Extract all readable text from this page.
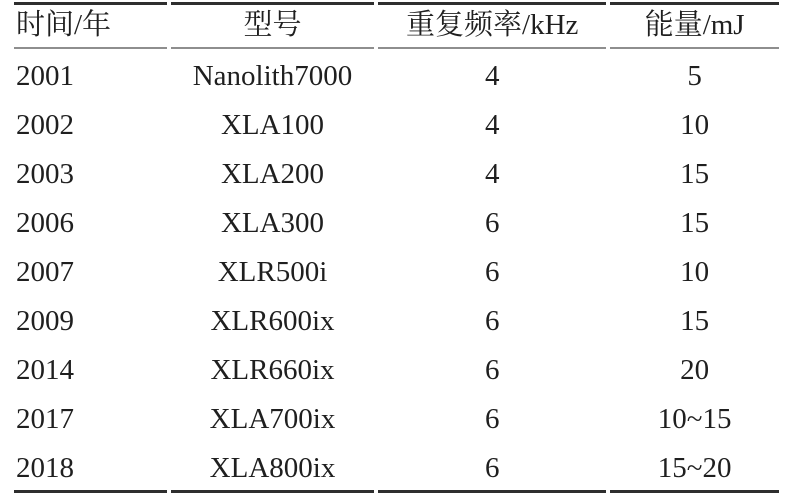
时间/年	型号	重复频率/kHz	能量/mJ
2001	Nanolith7000	4	5
2002	XLA100	4	10
2003	XLA200	4	15
2006	XLA300	6	15
2007	XLR500i	6	10
2009	XLR600ix	6	15
2014	XLR660ix	6	20
2017	XLA700ix	6	10~15
2018	XLA800ix	6	15~20
